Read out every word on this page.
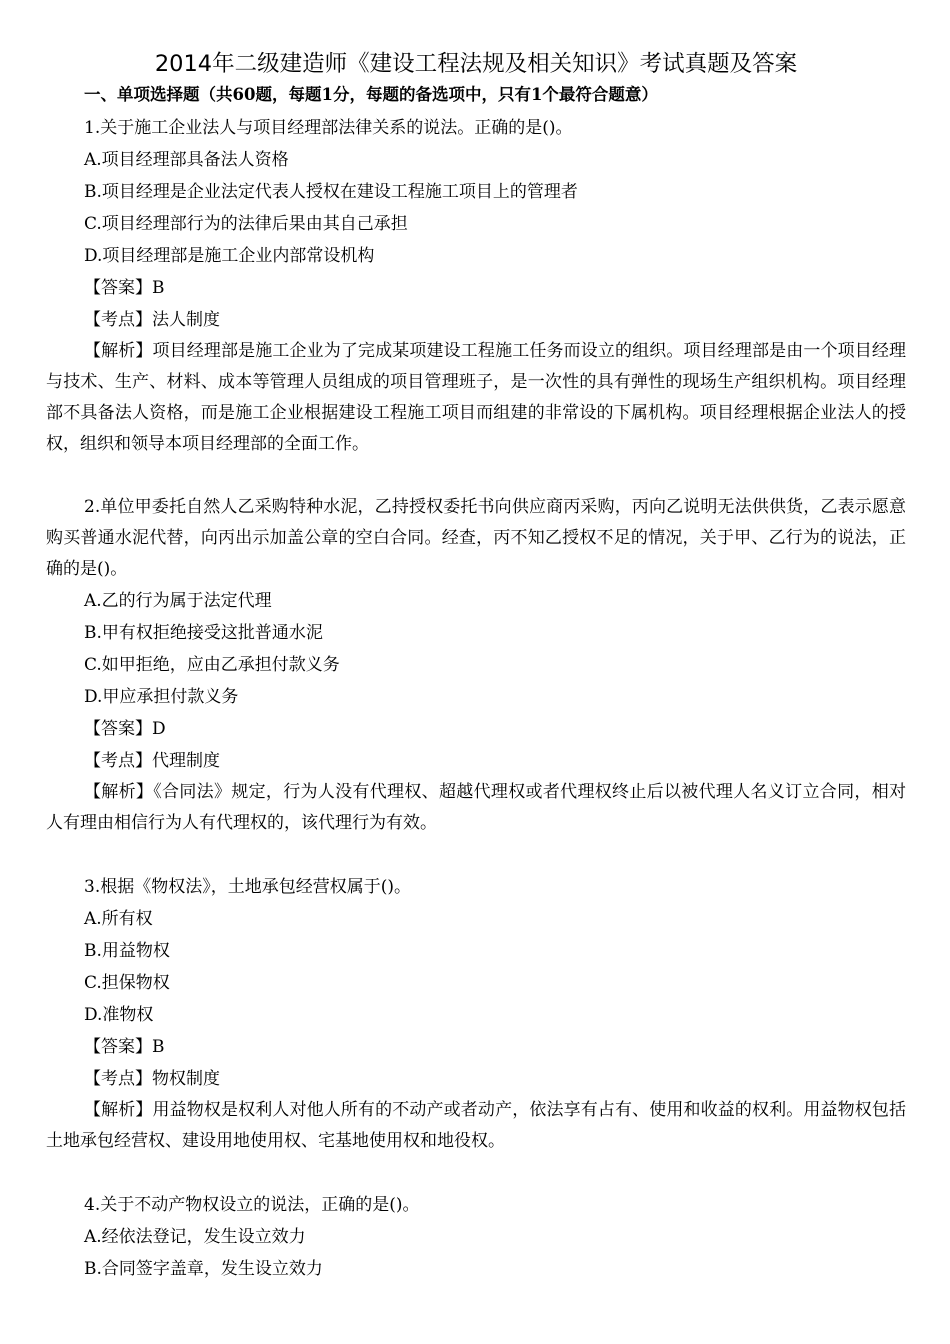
2014年二级建造师《建设工程法规及相关知识》考试真题及答案
一、单项选择题（共60题，每题1分，每题的备选项中，只有1个最符合题意）
1.关于施工企业法人与项目经理部法律关系的说法。正确的是()。
A.项目经理部具备法人资格
B.项目经理是企业法定代表人授权在建设工程施工项目上的管理者
C.项目经理部行为的法律后果由其自己承担
D.项目经理部是施工企业内部常设机构
【答案】B
【考点】法人制度

【解析】项目经理部是施工企业为了完成某项建设工程施工任务而设立的组织。项目经理部是由一个项目经理与技术、生产、材料、成本等管理人员组成的项目管理班子，是一次性的具有弹性的现场生产组织机构。项目经理部不具备法人资格，而是施工企业根据建设工程施工项目而组建的非常设的下属机构。项目经理根据企业法人的授权，组织和领导本项目经理部的全面工作。

2.单位甲委托自然人乙采购特种水泥，乙持授权委托书向供应商丙采购，丙向乙说明无法供供货，乙表示愿意购买普通水泥代替，向丙出示加盖公章的空白合同。经查，丙不知乙授权不足的情况，关于甲、乙行为的说法，正确的是()。

A.乙的行为属于法定代理
B.甲有权拒绝接受这批普通水泥
C.如甲拒绝，应由乙承担付款义务
D.甲应承担付款义务
【答案】D
【考点】代理制度

【解析】《合同法》规定，行为人没有代理权、超越代理权或者代理权终止后以被代理人名义订立合同，相对人有理由相信行为人有代理权的，该代理行为有效。

3.根据《物权法》，土地承包经营权属于()。
A.所有权
B.用益物权
C.担保物权
D.准物权
【答案】B
【考点】物权制度

【解析】用益物权是权利人对他人所有的不动产或者动产，依法享有占有、使用和收益的权利。用益物权包括土地承包经营权、建设用地使用权、宅基地使用权和地役权。

4.关于不动产物权设立的说法，正确的是()。
A.经依法登记，发生设立效力
B.合同签字盖章，发生设立效力
